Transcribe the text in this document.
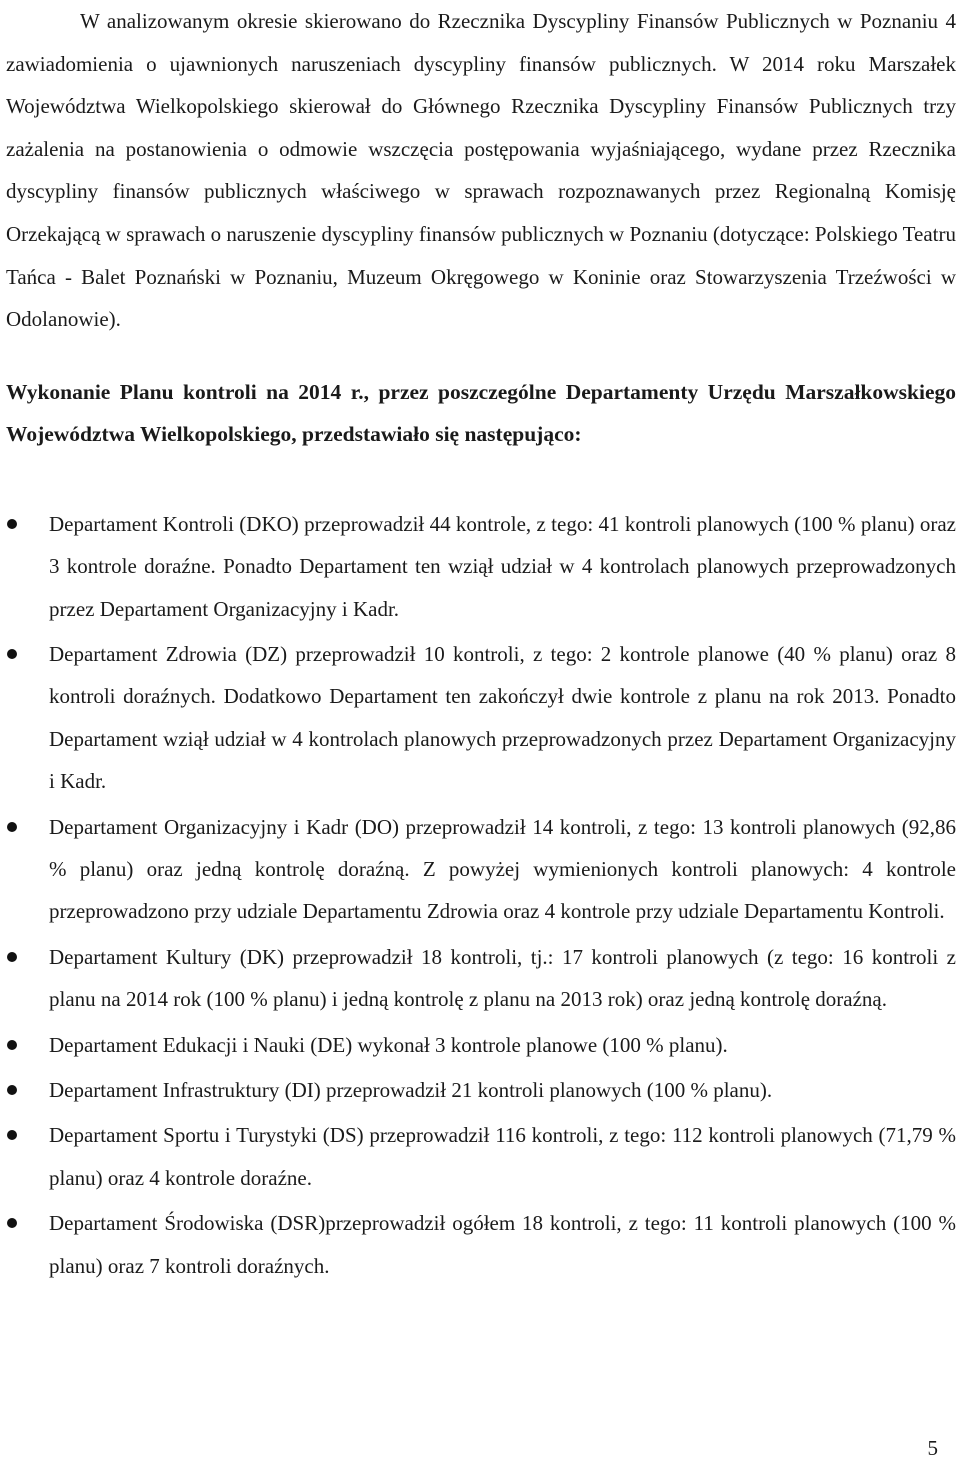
W analizowanym okresie skierowano do Rzecznika Dyscypliny Finansów Publicznych w Poznaniu 4 zawiadomienia o ujawnionych naruszeniach dyscypliny finansów publicznych. W 2014 roku Marszałek Województwa Wielkopolskiego skierował do Głównego Rzecznika Dyscypliny Finansów Publicznych trzy zażalenia na postanowienia o odmowie wszczęcia postępowania wyjaśniającego, wydane przez Rzecznika dyscypliny finansów publicznych właściwego w sprawach rozpoznawanych przez Regionalną Komisję Orzekającą w sprawach o naruszenie dyscypliny finansów publicznych w Poznaniu (dotyczące: Polskiego Teatru Tańca - Balet Poznański w Poznaniu, Muzeum Okręgowego w Koninie oraz Stowarzyszenia Trzeźwości w Odolanowie).

Wykonanie Planu kontroli na 2014 r., przez poszczególne Departamenty Urzędu Marszałkowskiego Województwa Wielkopolskiego, przedstawiało się następująco:

Departament Kontroli (DKO) przeprowadził 44 kontrole, z tego: 41 kontroli planowych (100 % planu) oraz 3 kontrole doraźne. Ponadto Departament ten wziął udział w 4 kontrolach planowych przeprowadzonych przez Departament Organizacyjny i Kadr.
Departament Zdrowia (DZ) przeprowadził 10 kontroli, z tego: 2 kontrole planowe (40 % planu) oraz 8 kontroli doraźnych. Dodatkowo Departament ten zakończył dwie kontrole z planu na rok 2013. Ponadto Departament wziął udział w 4 kontrolach planowych przeprowadzonych przez Departament Organizacyjny i Kadr.
Departament Organizacyjny i Kadr (DO) przeprowadził 14 kontroli, z tego: 13 kontroli planowych (92,86 % planu) oraz jedną kontrolę doraźną. Z powyżej wymienionych kontroli planowych: 4 kontrole przeprowadzono przy udziale Departamentu Zdrowia oraz 4 kontrole przy udziale Departamentu Kontroli.
Departament Kultury (DK) przeprowadził 18 kontroli, tj.: 17 kontroli planowych (z tego: 16 kontroli z planu na 2014 rok (100 % planu) i jedną kontrolę z planu na 2013 rok) oraz jedną kontrolę doraźną.
Departament Edukacji i Nauki (DE) wykonał 3 kontrole planowe (100 % planu).
Departament Infrastruktury (DI) przeprowadził 21 kontroli planowych (100 % planu).
Departament Sportu i Turystyki (DS) przeprowadził 116 kontroli, z tego: 112 kontroli planowych (71,79 % planu) oraz 4 kontrole doraźne.
Departament Środowiska (DSR)przeprowadził ogółem 18 kontroli, z tego: 11 kontroli planowych (100 % planu) oraz 7 kontroli doraźnych.
5
